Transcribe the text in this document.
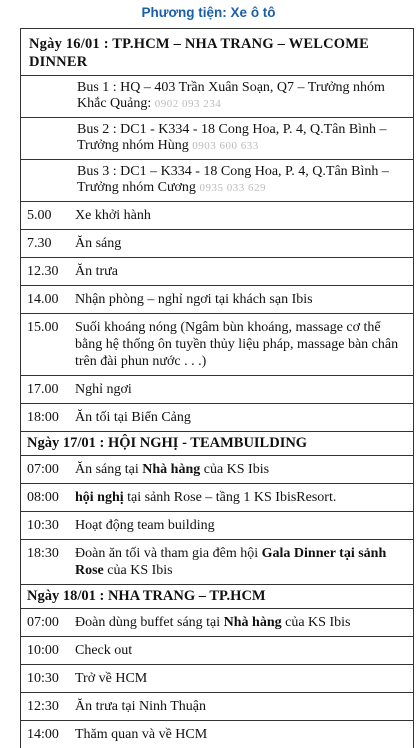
Phương tiện: Xe ô tô
Ngày 16/01 : TP.HCM – NHA TRANG – WELCOME DINNER
Bus 1 : HQ – 403 Trần Xuân Soạn, Q7 – Trưởng nhóm Khắc Quảng: 0902 093 234
Bus 2 : DC1 - K334 - 18 Cong Hoa, P. 4, Q.Tân Bình – Trưởng nhóm Hùng 0903 600 633
Bus 3 : DC1 – K334 - 18 Cong Hoa, P. 4, Q.Tân Bình – Trưởng nhóm Cương 0935 033 629
5.00	Xe khởi hành
7.30	Ăn sáng
12.30	Ăn trưa
14.00	Nhận phòng – nghỉ ngơi tại khách sạn Ibis
15.00	Suối khoáng nóng (Ngâm bùn khoáng, massage cơ thể bằng hệ thống ôn tuyền thủy liệu pháp, massage bàn chân trên đài phun nước . . .)
17.00	Nghỉ ngơi
18:00	Ăn tối tại Biển Cảng
Ngày 17/01 : HỘI NGHỊ - TEAMBUILDING
07:00	Ăn sáng tại Nhà hàng của KS Ibis
08:00	hội nghị tại sảnh Rose – tầng 1 KS IbisResort.
10:30	Hoạt động team building
18:30	Đoàn ăn tối và tham gia đêm hội Gala Dinner tại sảnh Rose của KS Ibis
Ngày 18/01 : NHA TRANG – TP.HCM
07:00	Đoàn dùng buffet sáng tại Nhà hàng của KS Ibis
10:00	Check out
10:30	Trở về HCM
12:30	Ăn trưa tại Ninh Thuận
14:00	Thăm quan và về HCM
